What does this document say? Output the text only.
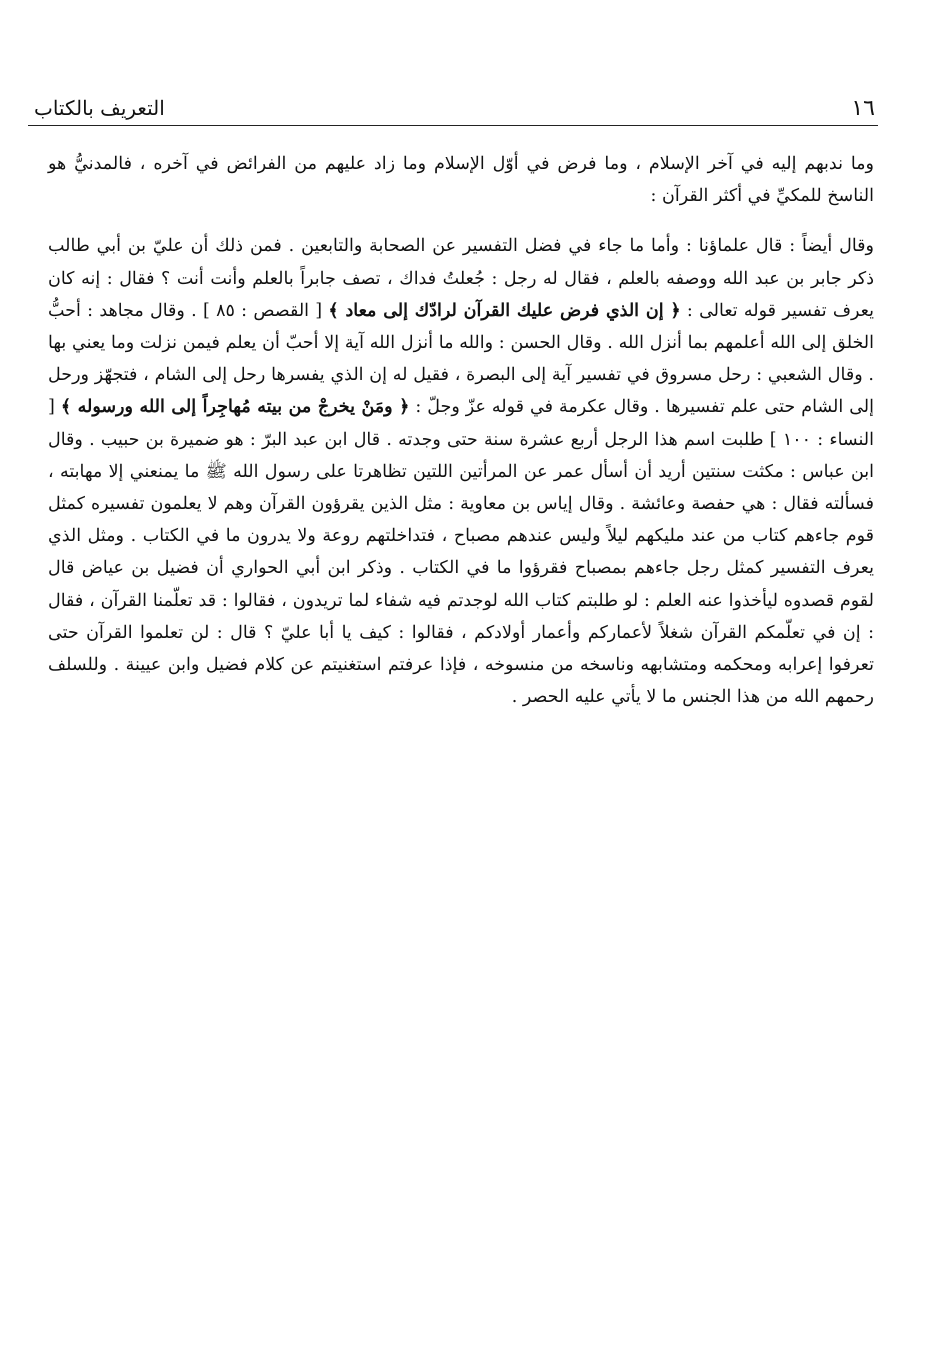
١٦
التعريف بالكتاب

وما ندبهم إليه في آخر الإسلام ، وما فرض في أوّل الإسلام وما زاد عليهم من الفرائض في آخره ، فالمدنيُّ هو الناسخ للمكيِّ في أكثر القرآن :

وقال أيضاً : قال علماؤنا : وأما ما جاء في فضل التفسير عن الصحابة والتابعين . فمن ذلك أن عليّ بن أبي طالب ذكر جابر بن عبد الله ووصفه بالعلم ، فقال له رجل : جُعلتُ فداك ، تصف جابراً بالعلم وأنت أنت ؟ فقال : إنه كان يعرف تفسير قوله تعالى : ﴿ إن الذي فرض عليك القرآن لرادّك إلى معاد ﴾ [ القصص : ٨٥ ] . وقال مجاهد : أحبُّ الخلق إلى الله أعلمهم بما أنزل الله . وقال الحسن : والله ما أنزل الله آية إلا أحبّ أن يعلم فيمن نزلت وما يعني بها . وقال الشعبي : رحل مسروق في تفسير آية إلى البصرة ، فقيل له إن الذي يفسرها رحل إلى الشام ، فتجهّز ورحل إلى الشام حتى علم تفسيرها . وقال عكرمة في قوله عزّ وجلّ : ﴿ ومَنْ يخرجْ من بيته مُهاجِراً إلى الله ورسوله ﴾ [ النساء : ١٠٠ ] طلبت اسم هذا الرجل أربع عشرة سنة حتى وجدته . قال ابن عبد البرّ : هو ضميرة بن حبيب . وقال ابن عباس : مكثت سنتين أريد أن أسأل عمر عن المرأتين اللتين تظاهرتا على رسول الله ﷺ ما يمنعني إلا مهابته ، فسألته فقال : هي حفصة وعائشة . وقال إياس بن معاوية : مثل الذين يقرؤون القرآن وهم لا يعلمون تفسيره كمثل قوم جاءهم كتاب من عند مليكهم ليلاً وليس عندهم مصباح ، فتداخلتهم روعة ولا يدرون ما في الكتاب . ومثل الذي يعرف التفسير كمثل رجل جاءهم بمصباح فقرؤوا ما في الكتاب . وذكر ابن أبي الحواري أن فضيل بن عياض قال لقوم قصدوه ليأخذوا عنه العلم : لو طلبتم كتاب الله لوجدتم فيه شفاء لما تريدون ، فقالوا : قد تعلّمنا القرآن ، فقال : إن في تعلّمكم القرآن شغلاً لأعماركم وأعمار أولادكم ، فقالوا : كيف يا أبا عليّ ؟ قال : لن تعلموا القرآن حتى تعرفوا إعرابه ومحكمه ومتشابهه وناسخه من منسوخه ، فإذا عرفتم استغنيتم عن كلام فضيل وابن عيينة . وللسلف رحمهم الله من هذا الجنس ما لا يأتي عليه الحصر .
